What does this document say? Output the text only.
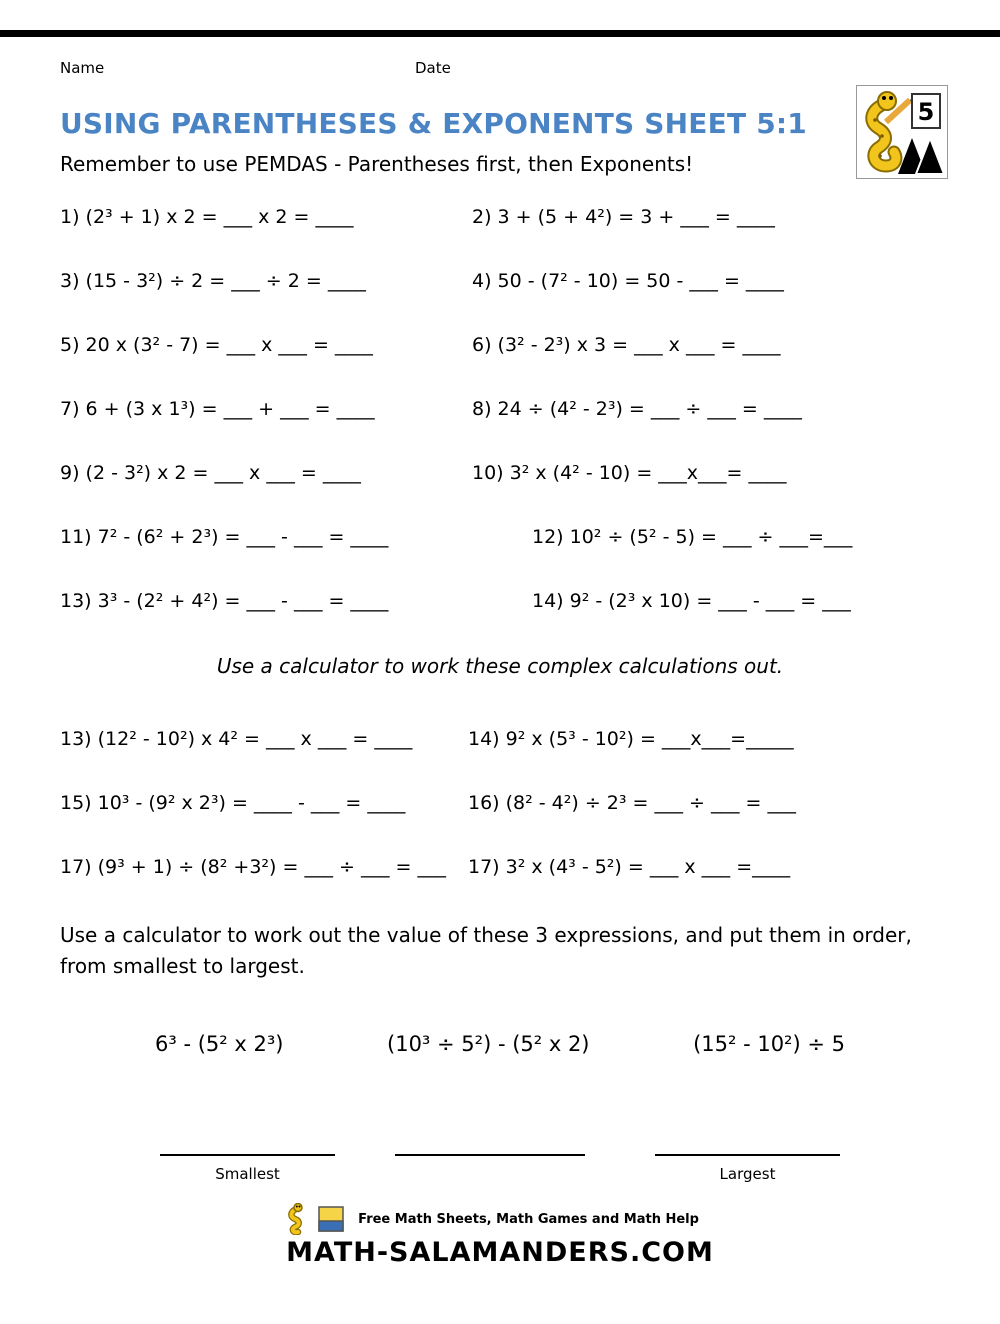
Name	Date
5
USING PARENTHESES & EXPONENTS SHEET 5:1

Remember to use PEMDAS - Parentheses first, then Exponents!

1) (2³ + 1) x 2 = ___ x 2 = ____	2) 3 + (5 + 4²) = 3 + ___ = ____
3) (15 - 3²) ÷ 2 = ___ ÷ 2 = ____	4) 50 - (7² - 10) = 50 - ___ = ____
5) 20 x (3² - 7) = ___ x ___ = ____	6) (3² - 2³) x 3 = ___ x ___ = ____
7) 6 + (3 x 1³) = ___ + ___ = ____	8) 24 ÷ (4² - 2³) = ___ ÷ ___ = ____
9) (2 - 3²) x 2 = ___ x ___ = ____	10) 3² x (4² - 10) = ___x___= ____
11) 7² - (6² + 2³) = ___ - ___ = ____	12) 10² ÷ (5² - 5) = ___ ÷ ___=___
13) 3³ - (2² + 4²) = ___ - ___ = ____	14) 9² - (2³ x 10) = ___ - ___ = ___

Use a calculator to work these complex calculations out.

13) (12² - 10²) x 4² = ___ x ___ = ____	14) 9² x (5³ - 10²) = ___x___=_____
15) 10³ - (9² x 2³) = ____ - ___ = ____	16) (8² - 4²) ÷ 2³ = ___ ÷ ___ = ___
17) (9³ + 1) ÷ (8² +3²) = ___ ÷ ___ = ___ 17) 3² x (4³ - 5²) = ___ x ___ =____

Use a calculator to work out the value of these 3 expressions, and put them in order, from smallest to largest.

6³ - (5² x 2³)	(10³ ÷ 5²) - (5² x 2)	(15² - 10²) ÷ 5
Smallest	Largest
Free Math Sheets, Math Games and Math Help
MATH-SALAMANDERS.COM
